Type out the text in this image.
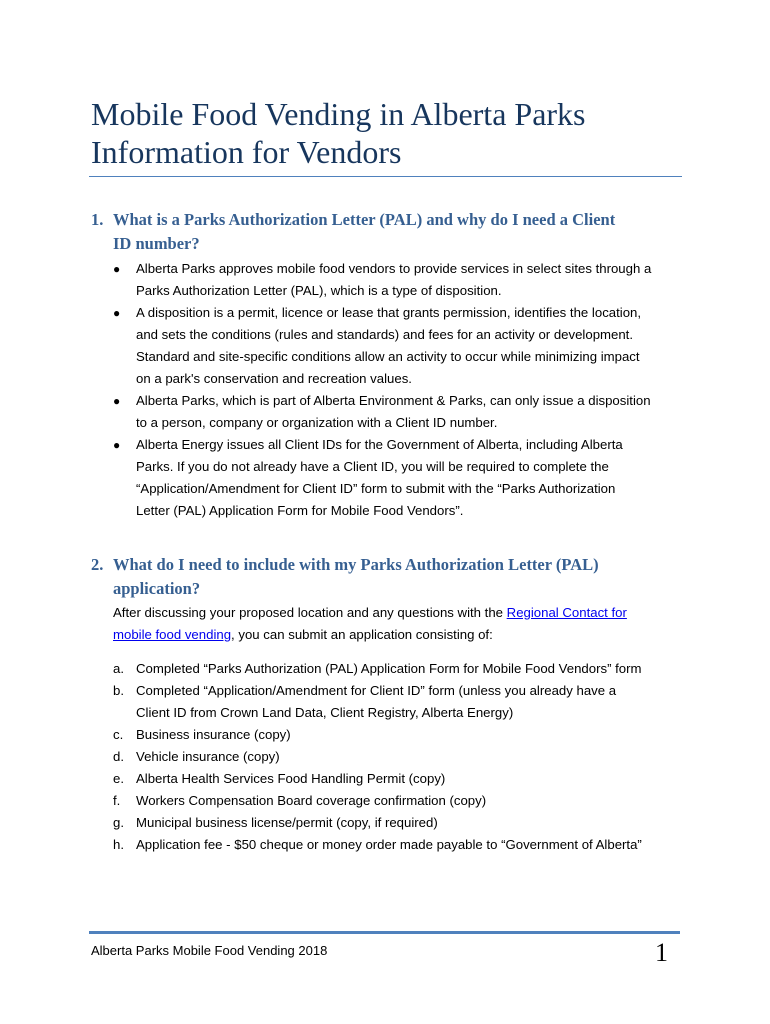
Mobile Food Vending in Alberta Parks
Information for Vendors
1. What is a Parks Authorization Letter (PAL) and why do I need a Client
ID number?
● Alberta Parks approves mobile food vendors to provide services in select sites through a
Parks Authorization Letter (PAL), which is a type of disposition.
● A disposition is a permit, licence or lease that grants permission, identifies the location,
and sets the conditions (rules and standards) and fees for an activity or development.
Standard and site-specific conditions allow an activity to occur while minimizing impact
on a park's conservation and recreation values.
● Alberta Parks, which is part of Alberta Environment & Parks, can only issue a disposition
to a person, company or organization with a Client ID number.
● Alberta Energy issues all Client IDs for the Government of Alberta, including Alberta
Parks. If you do not already have a Client ID, you will be required to complete the
“Application/Amendment for Client ID” form to submit with the “Parks Authorization
Letter (PAL) Application Form for Mobile Food Vendors”.
2. What do I need to include with my Parks Authorization Letter (PAL)
application?
After discussing your proposed location and any questions with the Regional Contact for
mobile food vending, you can submit an application consisting of:
a. Completed “Parks Authorization (PAL) Application Form for Mobile Food Vendors” form
b. Completed “Application/Amendment for Client ID” form (unless you already have a
Client ID from Crown Land Data, Client Registry, Alberta Energy)
c. Business insurance (copy)
d. Vehicle insurance (copy)
e. Alberta Health Services Food Handling Permit (copy)
f. Workers Compensation Board coverage confirmation (copy)
g. Municipal business license/permit (copy, if required)
h. Application fee - $50 cheque or money order made payable to “Government of Alberta”
Alberta Parks Mobile Food Vending 2018	1
